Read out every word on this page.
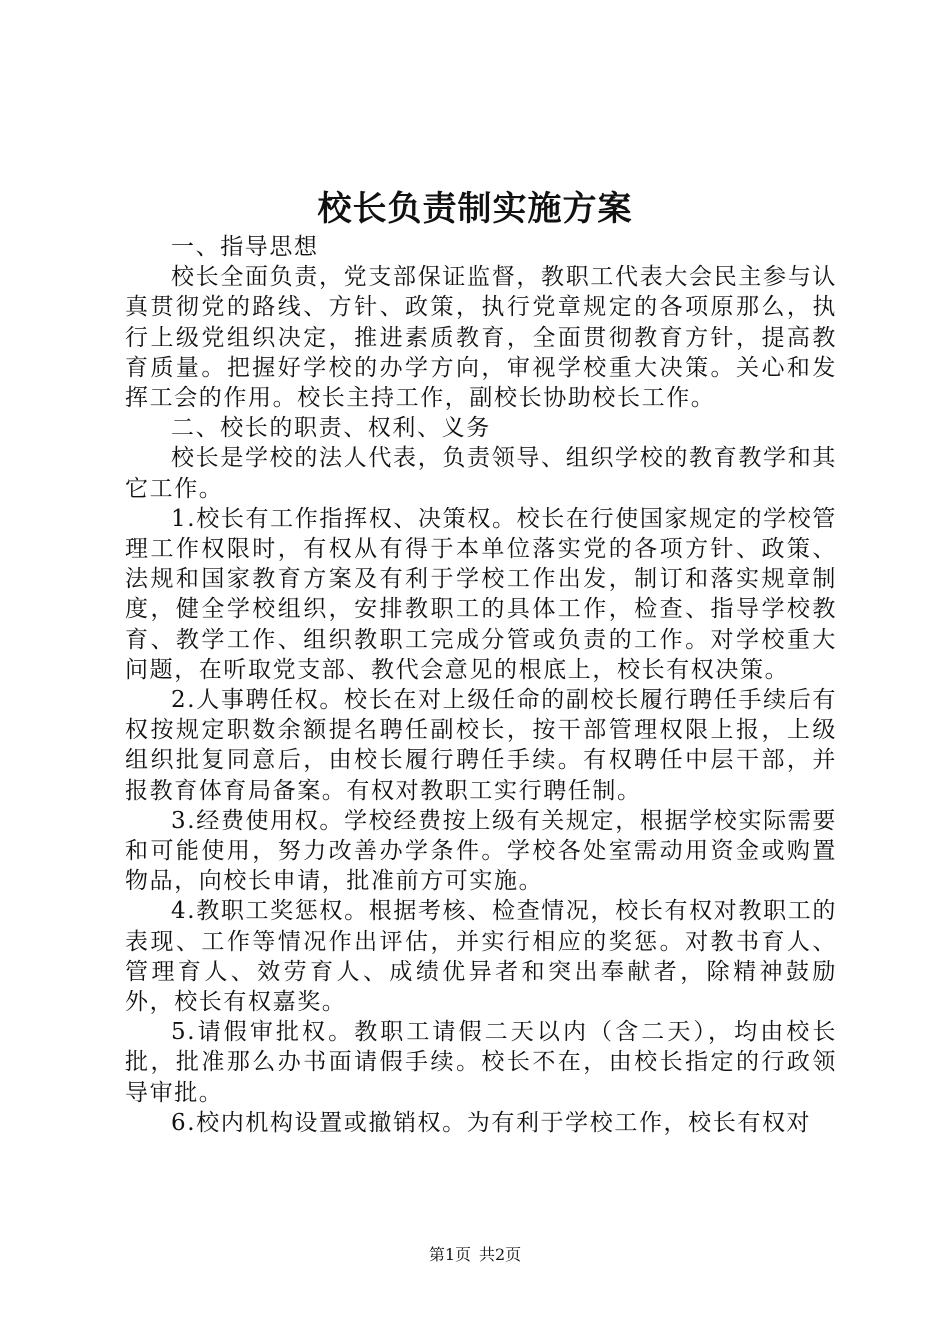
校长负责制实施方案

一、指导思想

校长全面负责，党支部保证监督，教职工代表大会民主参与认真贯彻党的路线、方针、政策，执行党章规定的各项原那么，执行上级党组织决定，推进素质教育，全面贯彻教育方针，提高教育质量。把握好学校的办学方向，审视学校重大决策。关心和发挥工会的作用。校长主持工作，副校长协助校长工作。

二、校长的职责、权利、义务

校长是学校的法人代表，负责领导、组织学校的教育教学和其它工作。

1.校长有工作指挥权、决策权。校长在行使国家规定的学校管理工作权限时，有权从有得于本单位落实党的各项方针、政策、法规和国家教育方案及有利于学校工作出发，制订和落实规章制度，健全学校组织，安排教职工的具体工作，检查、指导学校教育、教学工作、组织教职工完成分管或负责的工作。对学校重大问题，在听取党支部、教代会意见的根底上，校长有权决策。

2.人事聘任权。校长在对上级任命的副校长履行聘任手续后有权按规定职数余额提名聘任副校长，按干部管理权限上报，上级组织批复同意后，由校长履行聘任手续。有权聘任中层干部，并报教育体育局备案。有权对教职工实行聘任制。

3.经费使用权。学校经费按上级有关规定，根据学校实际需要和可能使用，努力改善办学条件。学校各处室需动用资金或购置物品，向校长申请，批准前方可实施。

4.教职工奖惩权。根据考核、检查情况，校长有权对教职工的表现、工作等情况作出评估，并实行相应的奖惩。对教书育人、管理育人、效劳育人、成绩优异者和突出奉献者，除精神鼓励外，校长有权嘉奖。

5.请假审批权。教职工请假二天以内（含二天），均由校长批，批准那么办书面请假手续。校长不在，由校长指定的行政领导审批。

6.校内机构设置或撤销权。为有利于学校工作，校长有权对

第1页 共2页
